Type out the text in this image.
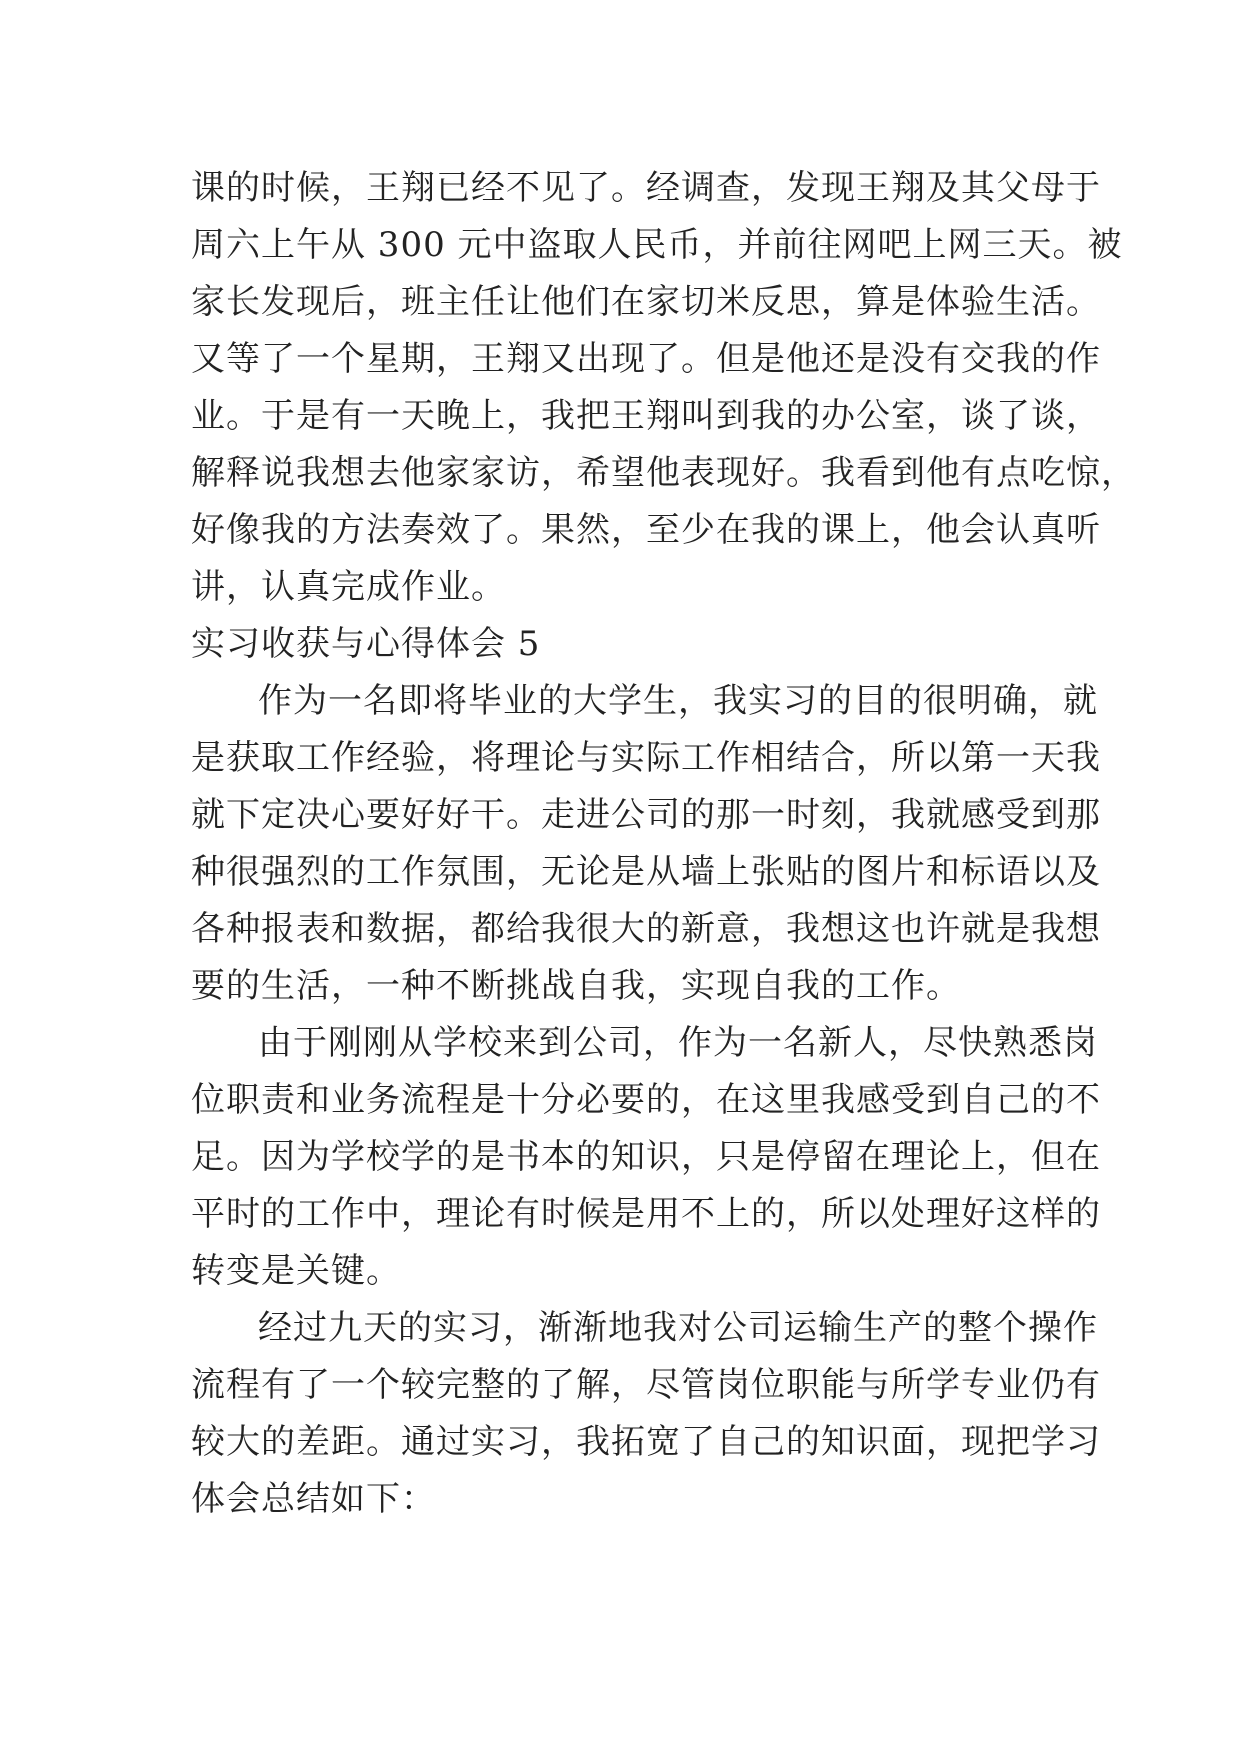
课的时候，王翔已经不见了。经调查，发现王翔及其父母于
周六上午从 300 元中盗取人民币，并前往网吧上网三天。被
家长发现后，班主任让他们在家切米反思，算是体验生活。
又等了一个星期，王翔又出现了。但是他还是没有交我的作
业。于是有一天晚上，我把王翔叫到我的办公室，谈了谈，
解释说我想去他家家访，希望他表现好。我看到他有点吃惊，
好像我的方法奏效了。果然，至少在我的课上，他会认真听
讲，认真完成作业。
实习收获与心得体会 5
作为一名即将毕业的大学生，我实习的目的很明确，就
是获取工作经验，将理论与实际工作相结合，所以第一天我
就下定决心要好好干。走进公司的那一时刻，我就感受到那
种很强烈的工作氛围，无论是从墙上张贴的图片和标语以及
各种报表和数据，都给我很大的新意，我想这也许就是我想
要的生活，一种不断挑战自我，实现自我的工作。
由于刚刚从学校来到公司，作为一名新人，尽快熟悉岗
位职责和业务流程是十分必要的，在这里我感受到自己的不
足。因为学校学的是书本的知识，只是停留在理论上，但在
平时的工作中，理论有时候是用不上的，所以处理好这样的
转变是关键。
经过九天的实习，渐渐地我对公司运输生产的整个操作
流程有了一个较完整的了解，尽管岗位职能与所学专业仍有
较大的差距。通过实习，我拓宽了自己的知识面，现把学习
体会总结如下：
